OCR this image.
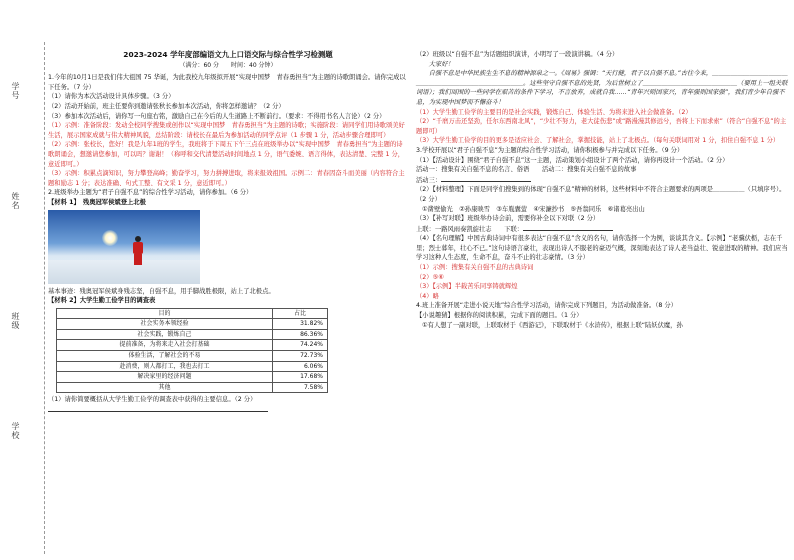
学号
姓名
班级
学校
2023-2024 学年度部编语文九上口语交际与综合性学习检测题
（满分：60 分　　时间：40 分钟）

1.今年的10月1日是我们伟大祖国 75 华诞，为此我校九年级拟开展“实现中国梦　青春勇担当”为主题的诗歌朗诵会。请你完成以下任务。（7 分）

（1）请你为本次活动设计具体步骤。（3 分）

（2）活动开始前，班主任要你到邀请张秋长参加本次活动，你将怎样邀请？（2 分）

（3）参加本次活动后，请你写一句座右铭，激励自己在今后的人生道路上不断前行。（要求：不得用书名人言论）（2 分）

（1）示例：准备阶段：发动全校同学搜集或创作以“实现中国梦　青春勇担当”为主题的诗歌；实施阶段：请同学们用诗歌颂美好生活，展示国家成就与伟大精神风貌，总结阶段：请校长在最后为参加活动的同学点评（1 步骤 1 分，活动步骤合理即可）

（2）示例：张校长，您好！我是九年1班的学生，我班将于下周五下午三点在班级举办以“实现中国梦　青春勇担当”为主题的诗歌朗诵会，想邀请您参加，可以吗？谢谢！（称呼和交代清楚活动时间地点 1 分，语气委婉、语言得体，表达清楚、完整 1 分，意近即可。）

（3）示例：积累点滴知识，努力攀登高峰；勤奋学习，努力拼搏进取，将来报效祖国。示例二：青春因奋斗而美丽（内容符合主题和励志 1 分；表达准确、句式工整、有文采 1 分，意近即可。）

2.班级举办主题为“君子自强不息”的综合性学习活动，请你参加。（6 分）

【材料 1】　残奥冠军侯斌登上北极

基本事迹：残奥冠军侯斌身残志坚，自强不息，用手脚战胜极限，站上了北极点。

【材料 2】大学生勤工俭学目的调查表

目的	占比
社会实务本领经验	31.82%
社会实践，锻炼自己	86.36%
提前准备，为将来走入社会打基础	74.24%
体验生活，了解社会的不易	72.73%
赴消费，则人都打工，我也去打工	6.06%
解决家里的经济问题	17.68%
其他	7.58%

（1）请你简要概括从大学生勤工俭学的调查表中获得的主要信息。（2 分）

（2）班级以“自强不息”为话题组织演讲，小明写了一段演讲稿。（4 分）

　　大家好！

　　自强不息是中华民族生生不息的精神源泉之一。《周易》强调：“天行健，君子以自强不息。”古往今来，＿＿＿＿＿＿＿＿＿＿＿＿＿＿＿＿＿＿＿＿＿＿＿＿＿＿＿＿＿。这些坚守自强不息的先贤，为后世树立了＿＿＿＿＿＿＿＿＿＿＿＿＿＿＿（要用上一组关联词语）；我们周围的一些同学在艰苦的条件下学习，不言放弃，成就自我……“青年兴则国家兴，青年强则国家强”，我们青少年自强不息，为实现中国梦而不懈奋斗！

（1）大学生勤工俭学的主要目的是社会实践，锻炼自己、体验生活、为将来进入社会做准备。（2）

（2）“千磨万击还坚劲，任尔东西南北风”，“少壮不努力，老大徒伤悲”或“路漫漫其修远兮，吾将上下而求索”（符合“自强不息”的主题即可）

（3）大学生勤工俭学的目的更多是适应社会、了解社会，掌握技能，站上了北极点。（每句关联词用对 1 分，扣住自强不息 1 分）

3.学校开展以“君子自强不息”为主题的综合性学习活动，请你积极参与并完成以下任务。（9 分）

（1）【活动设计】围绕“君子自强不息”这一主题，活动策划小组设计了两个活动，请你再设计一个活动。（2 分）

活动一：搜集有关自强不息的名言、俗语　　活动二：搜集有关自强不息的故事

活动三：

（2）【材料整理】下面是同学们搜集到的体现“自强不息”精神的材料，这些材料中不符合主题要求的两项是＿＿＿＿＿（只填序号）。（2 分）

①凿壁偷光　②孙康映雪　③车胤囊萤　④宋濂抄书　⑤吾翁同乐　⑥诸葛亮出山

（3）【补写对联】班级举办诗会前，需要你补全以下对联（2 分）

上联：一路风雨奏凯旋壮志　　 下联：

（4）【名句理解】中国古典诗词中有很多表达“自强不息”含义的名句，请你选择一个为例，谈谈其含义。【示例】“老骥伏枥，志在千里；烈士暮年，壮心不已。”这句诗语言豪壮，表现出诗人不服老的豪迈气概，深刻地表达了诗人老当益壮、锐意进取的精神。我们应当学习这种人生态度，生命不息，奋斗不止的壮志豪情。（3 分）

（1）示例：搜集有关自强不息的古典诗词

（2）⑤⑥

（3）【示例】半载苦乐同享铸就辉煌

（4）略

4.班上准备开展“走进小说天地”综合性学习活动，请你完成下列题目，为活动做准备。（8 分）

【小说趣猜】根据你的阅读积累，完成下面的题目。（1 分）

①有人想了一副对联，上联取材于《西游记》，下联取材于《水浒传》，根据上联“陆妖伏魔，孙
